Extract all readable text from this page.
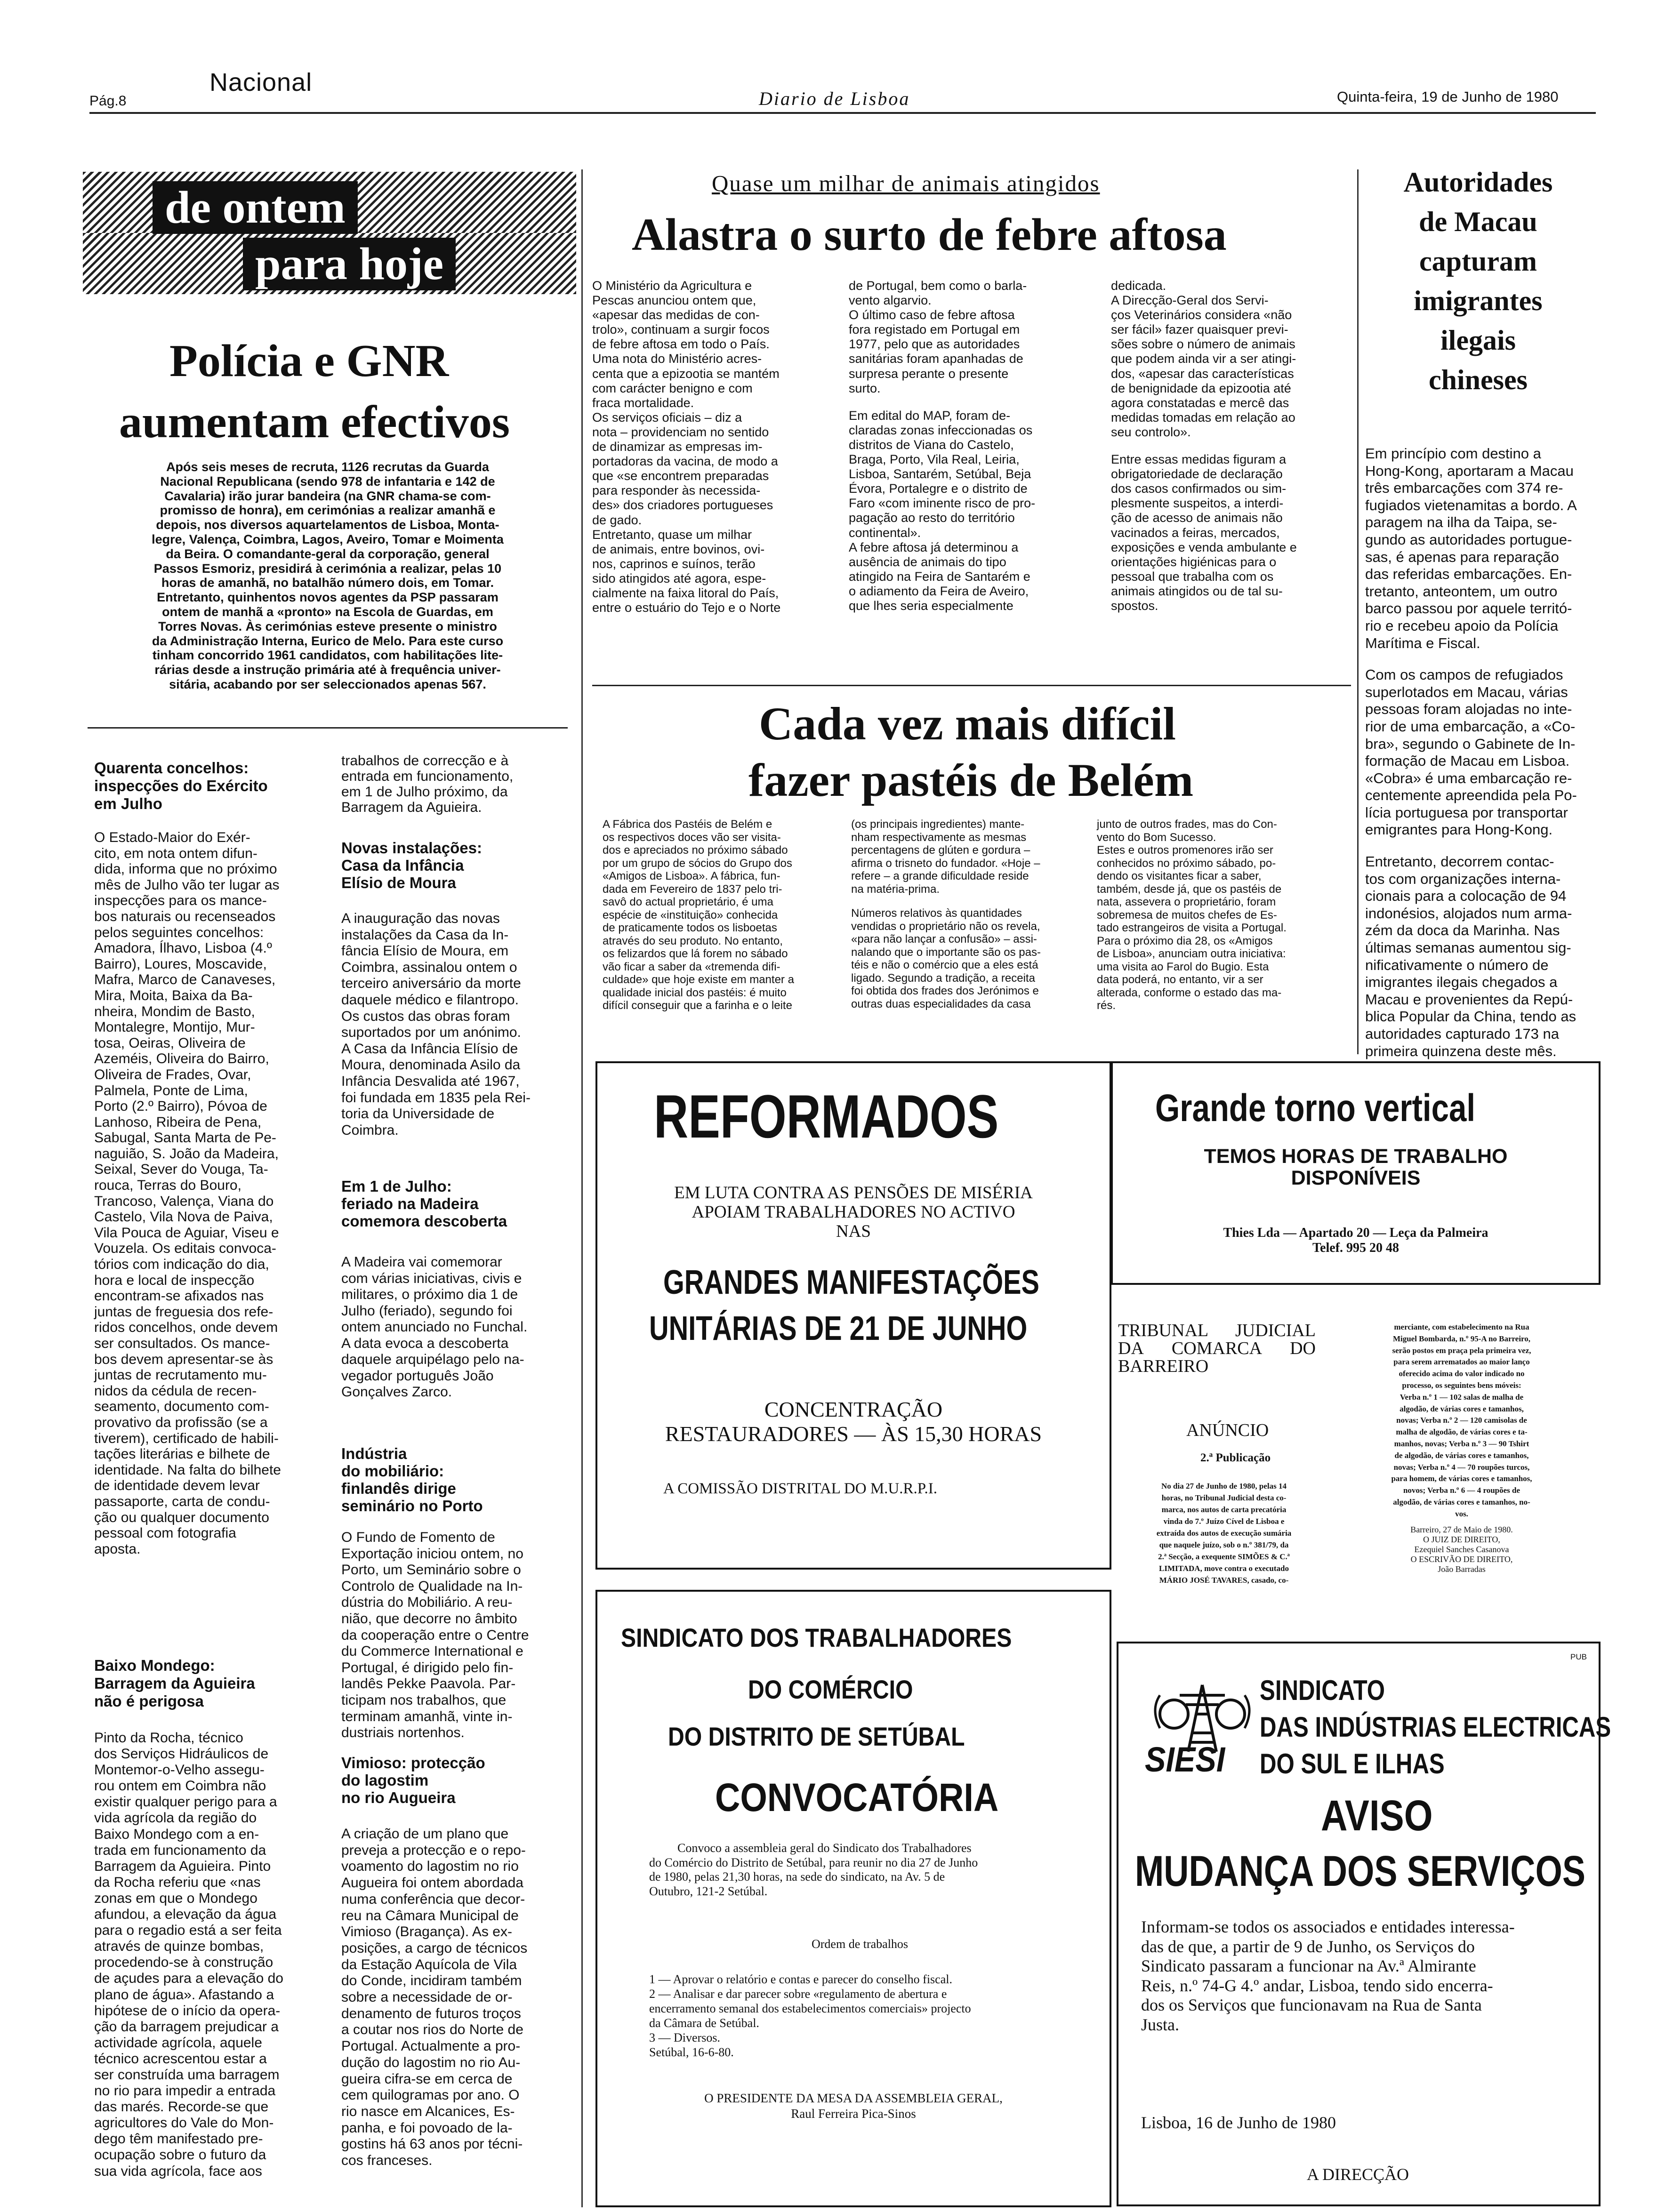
Pág.8
Nacional
Diario de Lisboa	Quinta-feira, 19 de Junho de 1980
de ontem
para hoje
Polícia e GNR
aumentam efectivos
Após seis meses de recruta, 1126 recrutas da Guarda
Nacional Republicana (sendo 978 de infantaria e 142 de
Cavalaria) irão jurar bandeira (na GNR chama-se com-
promisso de honra), em cerimónias a realizar amanhã e
depois, nos diversos aquartelamentos de Lisboa, Monta-
legre, Valença, Coimbra, Lagos, Aveiro, Tomar e Moimenta
da Beira. O comandante-geral da corporação, general
Passos Esmoriz, presidirá à cerimónia a realizar, pelas 10
horas de amanhã, no batalhão número dois, em Tomar.
Entretanto, quinhentos novos agentes da PSP passaram
ontem de manhã a «pronto» na Escola de Guardas, em
Torres Novas. Às cerimónias esteve presente o ministro
da Administração Interna, Eurico de Melo. Para este curso
tinham concorrido 1961 candidatos, com habilitações lite-
rárias desde a instrução primária até à frequência univer-
sitária, acabando por ser seleccionados apenas 567.
Quarenta concelhos:
inspecções do Exército
em Julho
O Estado-Maior do Exér-
cito, em nota ontem difun-
dida, informa que no próximo
mês de Julho vão ter lugar as
inspecções para os mance-
bos naturais ou recenseados
pelos seguintes concelhos:
Amadora, Ílhavo, Lisboa (4.º
Bairro), Loures, Moscavide,
Mafra, Marco de Canaveses,
Mira, Moita, Baixa da Ba-
nheira, Mondim de Basto,
Montalegre, Montijo, Mur-
tosa, Oeiras, Oliveira de
Azeméis, Oliveira do Bairro,
Oliveira de Frades, Ovar,
Palmela, Ponte de Lima,
Porto (2.º Bairro), Póvoa de
Lanhoso, Ribeira de Pena,
Sabugal, Santa Marta de Pe-
naguião, S. João da Madeira,
Seixal, Sever do Vouga, Ta-
rouca, Terras do Bouro,
Trancoso, Valença, Viana do
Castelo, Vila Nova de Paiva,
Vila Pouca de Aguiar, Viseu e
Vouzela. Os editais convoca-
tórios com indicação do dia,
hora e local de inspecção
encontram-se afixados nas
juntas de freguesia dos refe-
ridos concelhos, onde devem
ser consultados. Os mance-
bos devem apresentar-se às
juntas de recrutamento mu-
nidos da cédula de recen-
seamento, documento com-
provativo da profissão (se a
tiverem), certificado de habili-
tações literárias e bilhete de
identidade. Na falta do bilhete
de identidade devem levar
passaporte, carta de condu-
ção ou qualquer documento
pessoal com fotografia
aposta.
Baixo Mondego:
Barragem da Aguieira
não é perigosa
Pinto da Rocha, técnico
dos Serviços Hidráulicos de
Montemor-o-Velho assegu-
rou ontem em Coimbra não
existir qualquer perigo para a
vida agrícola da região do
Baixo Mondego com a en-
trada em funcionamento da
Barragem da Aguieira. Pinto
da Rocha referiu que «nas
zonas em que o Mondego
afundou, a elevação da água
para o regadio está a ser feita
através de quinze bombas,
procedendo-se à construção
de açudes para a elevação do
plano de água». Afastando a
hipótese de o início da opera-
ção da barragem prejudicar a
actividade agrícola, aquele
técnico acrescentou estar a
ser construída uma barragem
no rio para impedir a entrada
das marés. Recorde-se que
agricultores do Vale do Mon-
dego têm manifestado pre-
ocupação sobre o futuro da
sua vida agrícola, face aos
trabalhos de correcção e à
entrada em funcionamento,
em 1 de Julho próximo, da
Barragem da Aguieira.
Novas instalações:
Casa da Infância
Elísio de Moura
A inauguração das novas
instalações da Casa da In-
fância Elísio de Moura, em
Coimbra, assinalou ontem o
terceiro aniversário da morte
daquele médico e filantropo.
Os custos das obras foram
suportados por um anónimo.
A Casa da Infância Elísio de
Moura, denominada Asilo da
Infância Desvalida até 1967,
foi fundada em 1835 pela Rei-
toria da Universidade de
Coimbra.
Em 1 de Julho:
feriado na Madeira
comemora descoberta
A Madeira vai comemorar
com várias iniciativas, civis e
militares, o próximo dia 1 de
Julho (feriado), segundo foi
ontem anunciado no Funchal.
A data evoca a descoberta
daquele arquipélago pelo na-
vegador português João
Gonçalves Zarco.
Indústria
do mobiliário:
finlandês dirige
seminário no Porto
O Fundo de Fomento de
Exportação iniciou ontem, no
Porto, um Seminário sobre o
Controlo de Qualidade na In-
dústria do Mobiliário. A reu-
nião, que decorre no âmbito
da cooperação entre o Centre
du Commerce International e
Portugal, é dirigido pelo fin-
landês Pekke Paavola. Par-
ticipam nos trabalhos, que
terminam amanhã, vinte in-
dustriais nortenhos.
Vimioso: protecção
do lagostim
no rio Augueira
A criação de um plano que
preveja a protecção e o repo-
voamento do lagostim no rio
Augueira foi ontem abordada
numa conferência que decor-
reu na Câmara Municipal de
Vimioso (Bragança). As ex-
posições, a cargo de técnicos
da Estação Aquícola de Vila
do Conde, incidiram também
sobre a necessidade de or-
denamento de futuros troços
a coutar nos rios do Norte de
Portugal. Actualmente a pro-
dução do lagostim no rio Au-
gueira cifra-se em cerca de
cem quilogramas por ano. O
rio nasce em Alcanices, Es-
panha, e foi povoado de la-
gostins há 63 anos por técni-
cos franceses.
Quase um milhar de animais atingidos
Alastra o surto de febre aftosa
O Ministério da Agricultura e
Pescas anunciou ontem que,
«apesar das medidas de con-
trolo», continuam a surgir focos
de febre aftosa em todo o País.
Uma nota do Ministério acres-
centa que a epizootia se mantém
com carácter benigno e com
fraca mortalidade.
Os serviços oficiais – diz a
nota – providenciam no sentido
de dinamizar as empresas im-
portadoras da vacina, de modo a
que «se encontrem preparadas
para responder às necessida-
des» dos criadores portugueses
de gado.
Entretanto, quase um milhar
de animais, entre bovinos, ovi-
nos, caprinos e suínos, terão
sido atingidos até agora, espe-
cialmente na faixa litoral do País,
entre o estuário do Tejo e o Norte
de Portugal, bem como o barla-
vento algarvio.
O último caso de febre aftosa
fora registado em Portugal em
1977, pelo que as autoridades
sanitárias foram apanhadas de
surpresa perante o presente
surto.
Em edital do MAP, foram de-
claradas zonas infeccionadas os
distritos de Viana do Castelo,
Braga, Porto, Vila Real, Leiria,
Lisboa, Santarém, Setúbal, Beja
Évora, Portalegre e o distrito de
Faro «com iminente risco de pro-
pagação ao resto do território
continental».
A febre aftosa já determinou a
ausência de animais do tipo
atingido na Feira de Santarém e
o adiamento da Feira de Aveiro,
que lhes seria especialmente
dedicada.
A Direcção-Geral dos Servi-
ços Veterinários considera «não
ser fácil» fazer quaisquer previ-
sões sobre o número de animais
que podem ainda vir a ser atingi-
dos, «apesar das características
de benignidade da epizootia até
agora constatadas e mercê das
medidas tomadas em relação ao
seu controlo».
Entre essas medidas figuram a
obrigatoriedade de declaração
dos casos confirmados ou sim-
plesmente suspeitos, a interdi-
ção de acesso de animais não
vacinados a feiras, mercados,
exposições e venda ambulante e
orientações higiénicas para o
pessoal que trabalha com os
animais atingidos ou de tal su-
spostos.
Cada vez mais difícil
fazer pastéis de Belém
A Fábrica dos Pastéis de Belém e
os respectivos doces vão ser visita-
dos e apreciados no próximo sábado
por um grupo de sócios do Grupo dos
«Amigos de Lisboa». A fábrica, fun-
dada em Fevereiro de 1837 pelo tri-
savô do actual proprietário, é uma
espécie de «instituição» conhecida
de praticamente todos os lisboetas
através do seu produto. No entanto,
os felizardos que lá forem no sábado
vão ficar a saber da «tremenda difi-
culdade» que hoje existe em manter a
qualidade inicial dos pastéis: é muito
difícil conseguir que a farinha e o leite
(os principais ingredientes) mante-
nham respectivamente as mesmas
percentagens de glúten e gordura –
afirma o trisneto do fundador. «Hoje –
refere – a grande dificuldade reside
na matéria-prima.
Números relativos às quantidades
vendidas o proprietário não os revela,
«para não lançar a confusão» – assi-
nalando que o importante são os pas-
téis e não o comércio que a eles está
ligado. Segundo a tradição, a receita
foi obtida dos frades dos Jerónimos e
outras duas especialidades da casa
junto de outros frades, mas do Con-
vento do Bom Sucesso.
Estes e outros promenores irão ser
conhecidos no próximo sábado, po-
dendo os visitantes ficar a saber,
também, desde já, que os pastéis de
nata, assevera o proprietário, foram
sobremesa de muitos chefes de Es-
tado estrangeiros de visita a Portugal.
Para o próximo dia 28, os «Amigos
de Lisboa», anunciam outra iniciativa:
uma visita ao Farol do Bugio. Esta
data poderá, no entanto, vir a ser
alterada, conforme o estado das ma-
rés.
Autoridades
de Macau
capturam
imigrantes
ilegais
chineses
Em princípio com destino a
Hong-Kong, aportaram a Macau
três embarcações com 374 re-
fugiados vietenamitas a bordo. A
paragem na ilha da Taipa, se-
gundo as autoridades portugue-
sas, é apenas para reparação
das referidas embarcações. En-
tretanto, anteontem, um outro
barco passou por aquele territó-
rio e recebeu apoio da Polícia
Marítima e Fiscal.
Com os campos de refugiados
superlotados em Macau, várias
pessoas foram alojadas no inte-
rior de uma embarcação, a «Co-
bra», segundo o Gabinete de In-
formação de Macau em Lisboa.
«Cobra» é uma embarcação re-
centemente apreendida pela Po-
lícia portuguesa por transportar
emigrantes para Hong-Kong.
Entretanto, decorrem contac-
tos com organizações interna-
cionais para a colocação de 94
indonésios, alojados num arma-
zém da doca da Marinha. Nas
últimas semanas aumentou sig-
nificativamente o número de
imigrantes ilegais chegados a
Macau e provenientes da Repú-
blica Popular da China, tendo as
autoridades capturado 173 na
primeira quinzena deste mês.
REFORMADOS
EM LUTA CONTRA AS PENSÕES DE MISÉRIA
APOIAM TRABALHADORES NO ACTIVO
NAS
GRANDES MANIFESTAÇÕES
UNITÁRIAS DE 21 DE JUNHO
CONCENTRAÇÃO
RESTAURADORES — ÀS 15,30 HORAS
A COMISSÃO DISTRITAL DO M.U.R.P.I.
Grande torno vertical
TEMOS HORAS DE TRABALHO
DISPONÍVEIS
Thies Lda — Apartado 20 — Leça da Palmeira
Telef. 995 20 48
TRIBUNAL JUDICIAL
DA COMARCA DO
BARREIRO
ANÚNCIO
2.ª Publicação
No dia 27 de Junho de 1980, pelas 14
horas, no Tribunal Judicial desta co-
marca, nos autos de carta precatória
vinda do 7.º Juízo Cível de Lisboa e
extraída dos autos de execução sumária
que naquele juízo, sob o n.º 381/79, da
2.ª Secção, a exequente SIMÕES & C.ª
LIMITADA, move contra o executado
MÁRIO JOSÉ TAVARES, casado, co-
merciante, com estabelecimento na Rua
Miguel Bombarda, n.º 95-A no Barreiro,
serão postos em praça pela primeira vez,
para serem arrematados ao maior lanço
oferecido acima do valor indicado no
processo, os seguintes bens móveis:
Verba n.º 1 — 102 salas de malha de
algodão, de várias cores e tamanhos,
novas; Verba n.º 2 — 120 camisolas de
malha de algodão, de várias cores e ta-
manhos, novas; Verba n.º 3 — 90 Tshirt
de algodão, de várias cores e tamanhos,
novas; Verba n.º 4 — 70 roupões turcos,
para homem, de várias cores e tamanhos,
novos; Verba n.º 6 — 4 roupões de
algodão, de várias cores e tamanhos, no-
vos.
Barreiro, 27 de Maio de 1980.
O JUIZ DE DIREITO,
Ezequiel Sanches Casanova
O ESCRIVÃO DE DIREITO,
João Barradas
SINDICATO DOS TRABALHADORES
DO COMÉRCIO
DO DISTRITO DE SETÚBAL
CONVOCATÓRIA
Convoco a assembleia geral do Sindicato dos Trabalhadores
do Comércio do Distrito de Setúbal, para reunir no dia 27 de Junho
de 1980, pelas 21,30 horas, na sede do sindicato, na Av. 5 de
Outubro, 121-2 Setúbal.
Ordem de trabalhos
1 — Aprovar o relatório e contas e parecer do conselho fiscal.
2 — Analisar e dar parecer sobre «regulamento de abertura e
encerramento semanal dos estabelecimentos comerciais» projecto
da Câmara de Setúbal.
3 — Diversos.
Setúbal, 16-6-80.
O PRESIDENTE DA MESA DA ASSEMBLEIA GERAL,
Raul Ferreira Pica-Sinos
PUB
SIESI
SINDICATO
DAS INDÚSTRIAS ELECTRICAS
DO SUL E ILHAS
AVISO
MUDANÇA DOS SERVIÇOS
Informam-se todos os associados e entidades interessa-
das de que, a partir de 9 de Junho, os Serviços do
Sindicato passaram a funcionar na Av.ª Almirante
Reis, n.º 74-G 4.º andar, Lisboa, tendo sido encerra-
dos os Serviços que funcionavam na Rua de Santa
Justa.
Lisboa, 16 de Junho de 1980
A DIRECÇÃO
